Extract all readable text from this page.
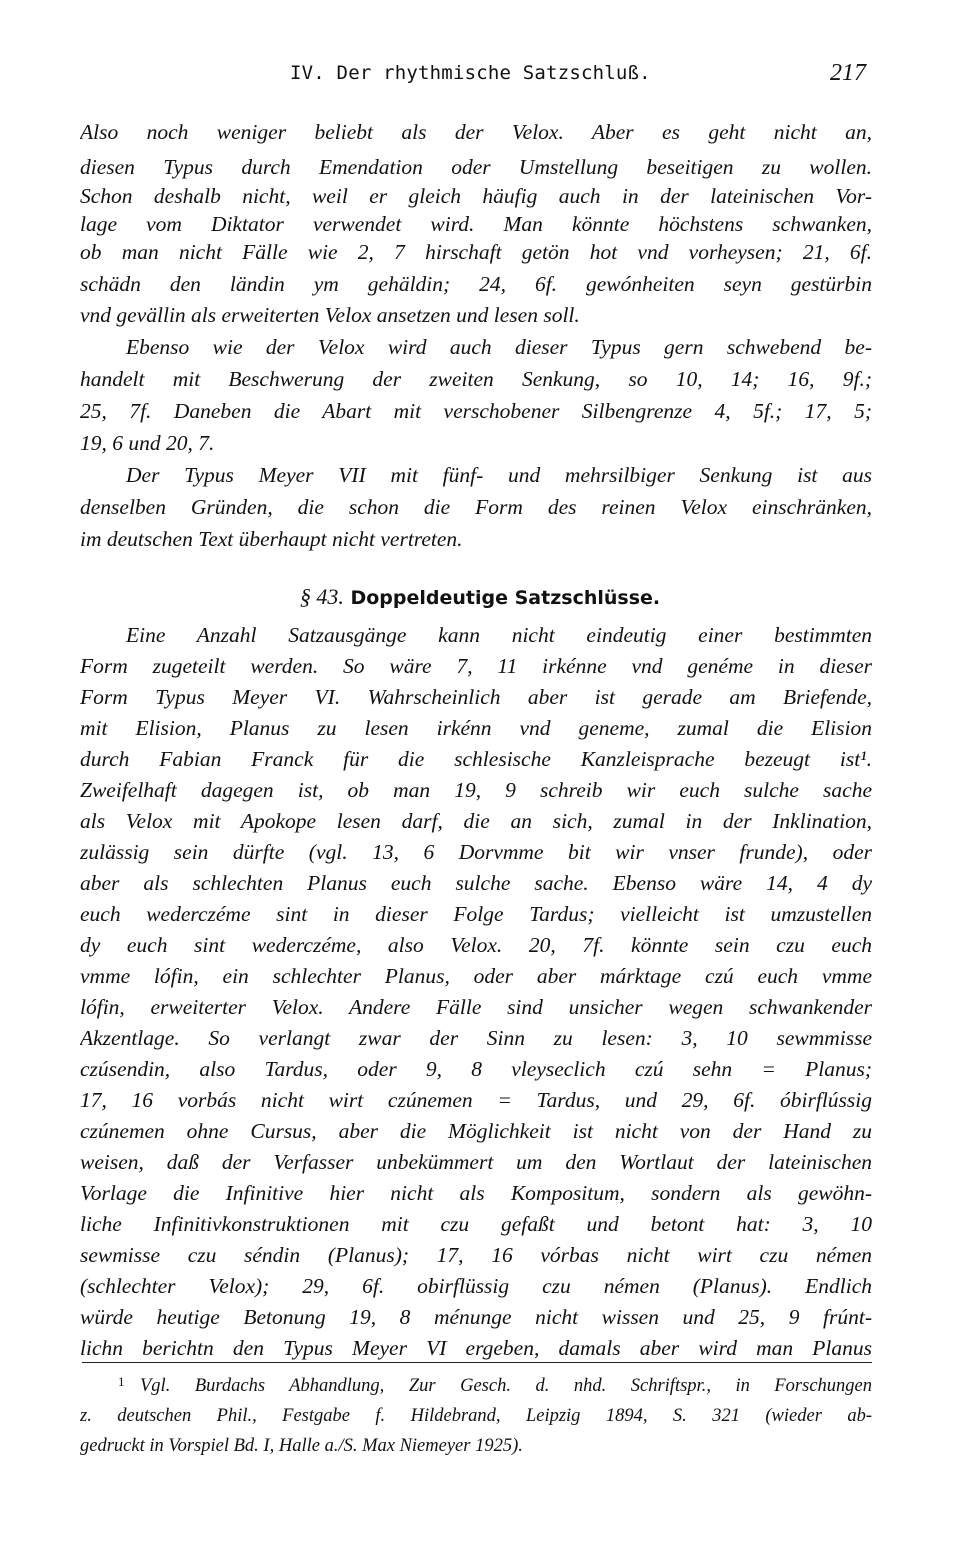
IV. Der rhythmische Satzschluß.	217
Also noch weniger beliebt als der Velox. Aber es geht nicht an,
diesen Typus durch Emendation oder Umstellung beseitigen zu wollen.
Schon deshalb nicht, weil er gleich häufig auch in der lateinischen Vor-
lage vom Diktator verwendet wird. Man könnte höchstens schwanken,
ob man nicht Fälle wie 2, 7 hirschaft getön hot vnd vorheysen; 21, 6f.
schädn den ländin ym gehäldin; 24, 6f. gewónheiten seyn gestürbin
vnd gevällin als erweiterten Velox ansetzen und lesen soll.
Ebenso wie der Velox wird auch dieser Typus gern schwebend be-
handelt mit Beschwerung der zweiten Senkung, so 10, 14; 16, 9f.;
25, 7f. Daneben die Abart mit verschobener Silbengrenze 4, 5f.; 17, 5;
19, 6 und 20, 7.
Der Typus Meyer VII mit fünf- und mehrsilbiger Senkung ist aus
denselben Gründen, die schon die Form des reinen Velox einschränken,
im deutschen Text überhaupt nicht vertreten.
§ 43. Doppeldeutige Satzschlüsse.
Eine Anzahl Satzausgänge kann nicht eindeutig einer bestimmten
Form zugeteilt werden. So wäre 7, 11 irkénne vnd genéme in dieser
Form Typus Meyer VI. Wahrscheinlich aber ist gerade am Briefende,
mit Elision, Planus zu lesen irkénn vnd geneme, zumal die Elision
durch Fabian Franck für die schlesische Kanzleisprache bezeugt ist¹.
Zweifelhaft dagegen ist, ob man 19, 9 schreib wir euch sulche sache
als Velox mit Apokope lesen darf, die an sich, zumal in der Inklination,
zulässig sein dürfte (vgl. 13, 6 Dorvmme bit wir vnser frunde), oder
aber als schlechten Planus euch sulche sache. Ebenso wäre 14, 4 dy
euch wederczéme sint in dieser Folge Tardus; vielleicht ist umzustellen
dy euch sint wederczéme, also Velox. 20, 7f. könnte sein czu euch
vmme lófin, ein schlechter Planus, oder aber márktage czú euch vmme
lófin, erweiterter Velox. Andere Fälle sind unsicher wegen schwankender
Akzentlage. So verlangt zwar der Sinn zu lesen: 3, 10 sewmmisse
czúsendin, also Tardus, oder 9, 8 vleyseclich czú sehn = Planus;
17, 16 vorbás nicht wirt czúnemen = Tardus, und 29, 6f. óbirflússig
czúnemen ohne Cursus, aber die Möglichkeit ist nicht von der Hand zu
weisen, daß der Verfasser unbekümmert um den Wortlaut der lateinischen
Vorlage die Infinitive hier nicht als Kompositum, sondern als gewöhn-
liche Infinitivkonstruktionen mit czu gefaßt und betont hat: 3, 10
sewmisse czu séndin (Planus); 17, 16 vórbas nicht wirt czu némen
(schlechter Velox); 29, 6f. obirflüssig czu némen (Planus). Endlich
würde heutige Betonung 19, 8 ménunge nicht wissen und 25, 9 frúnt-
lichn berichtn den Typus Meyer VI ergeben, damals aber wird man Planus
1 Vgl. Burdachs Abhandlung, Zur Gesch. d. nhd. Schriftspr., in Forschungen
z. deutschen Phil., Festgabe f. Hildebrand, Leipzig 1894, S. 321 (wieder ab-
gedruckt in Vorspiel Bd. I, Halle a./S. Max Niemeyer 1925).
